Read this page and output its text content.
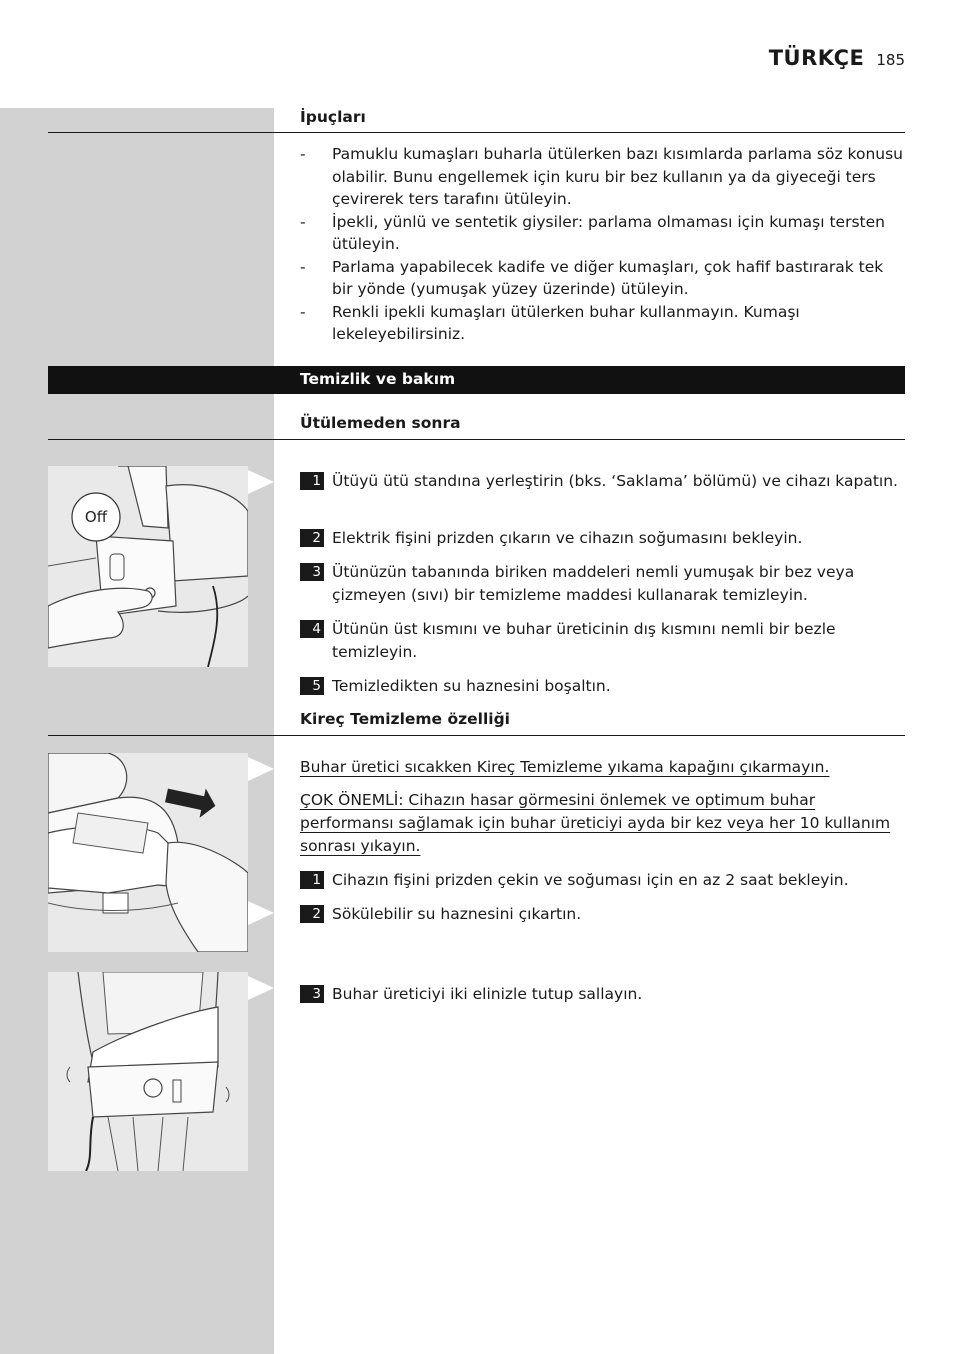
TÜRKÇE 185
İpuçları
- Pamuklu kumaşları buharla ütülerken bazı kısımlarda parlama söz konusu olabilir. Bunu engellemek için kuru bir bez kullanın ya da giyeceği ters çevirerek ters tarafını ütüleyin.
- İpekli, yünlü ve sentetik giysiler: parlama olmaması için kumaşı tersten ütüleyin.
- Parlama yapabilecek kadife ve diğer kumaşları, çok hafif bastırarak tek bir yönde (yumuşak yüzey üzerinde) ütüleyin.
- Renkli ipekli kumaşları ütülerken buhar kullanmayın. Kumaşı lekeleyebilirsiniz.
Temizlik ve bakım
Ütülemeden sonra
Off
1 Ütüyü ütü standına yerleştirin (bks. ‘Saklama’ bölümü) ve cihazı kapatın.
2 Elektrik fişini prizden çıkarın ve cihazın soğumasını bekleyin.
3 Ütünüzün tabanında biriken maddeleri nemli yumuşak bir bez veya çizmeyen (sıvı) bir temizleme maddesi kullanarak temizleyin.
4 Ütünün üst kısmını ve buhar üreticinin dış kısmını nemli bir bezle temizleyin.
5 Temizledikten su haznesini boşaltın.
Kireç Temizleme özelliği
Buhar üretici sıcakken Kireç Temizleme yıkama kapağını çıkarmayın.
ÇOK ÖNEMLİ: Cihazın hasar görmesini önlemek ve optimum buhar performansı sağlamak için buhar üreticiyi ayda bir kez veya her 10 kullanım sonrası yıkayın.
1 Cihazın fişini prizden çekin ve soğuması için en az 2 saat bekleyin.
2 Sökülebilir su haznesini çıkartın.
3 Buhar üreticiyi iki elinizle tutup sallayın.
